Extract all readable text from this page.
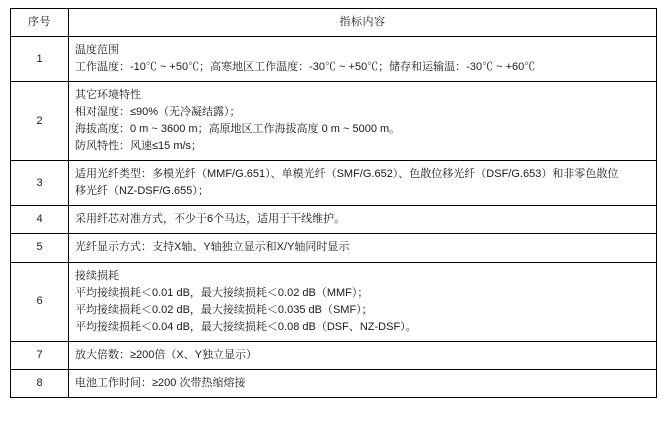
序号	指标内容
1	温度范围
工作温度：-10℃ ~ +50℃；高寒地区工作温度：-30℃ ~ +50℃；储存和运输温：-30℃ ~ +60℃

2	其它环境特性
相对湿度：≤90%（无冷凝结露）；
海拔高度：0 m ~ 3600 m；高原地区工作海拔高度 0 m ~ 5000 m。
防风特性：风速≤15 m/s；

3	适用光纤类型：多模光纤（MMF/G.651）、单模光纤（SMF/G.652）、色散位移光纤（DSF/G.653）和非零色散位
移光纤（NZ-DSF/G.655）；

4	采用纤芯对准方式，不少于6个马达，适用于干线维护。

5	光纤显示方式：支持X轴、Y轴独立显示和X/Y轴同时显示

6	接续损耗
平均接续损耗＜0.01 dB，最大接续损耗＜0.02 dB（MMF）；
平均接续损耗＜0.02 dB，最大接续损耗＜0.035 dB（SMF）；
平均接续损耗＜0.04 dB，最大接续损耗＜0.08 dB（DSF、NZ-DSF）。

7	放大倍数：≥200倍（X、Y独立显示）

8	电池工作时间：≥200 次带热缩熔接
